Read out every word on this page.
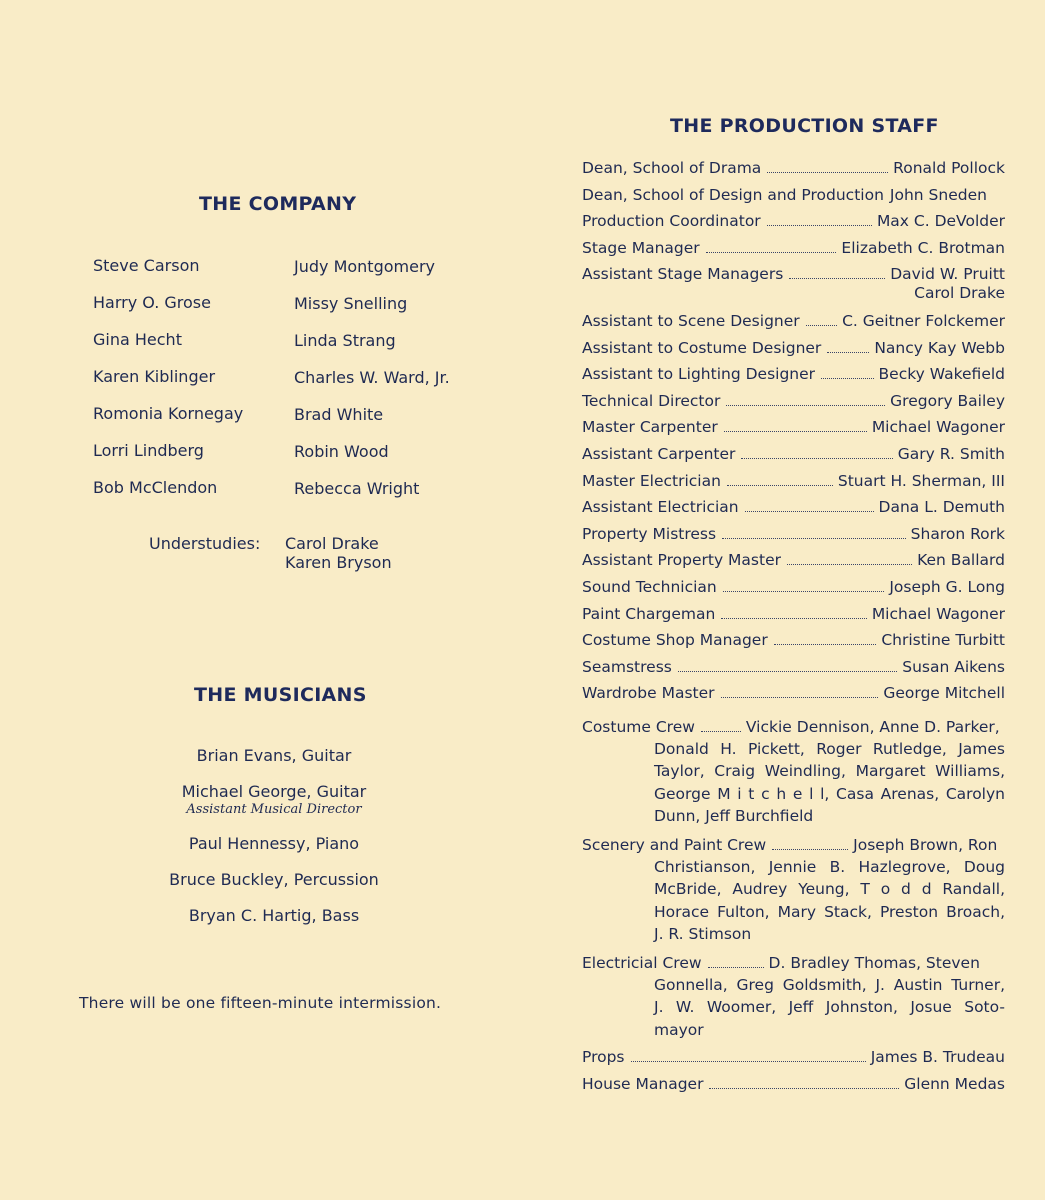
THE COMPANY
Steve Carson
Harry O. Grose
Gina Hecht
Karen Kiblinger
Romonia Kornegay
Lorri Lindberg
Bob McClendon
Judy Montgomery
Missy Snelling
Linda Strang
Charles W. Ward, Jr.
Brad White
Robin Wood
Rebecca Wright
Understudies: Carol Drake
Karen Bryson
THE MUSICIANS
Brian Evans, Guitar
Michael George, Guitar
Assistant Musical Director
Paul Hennessy, Piano
Bruce Buckley, Percussion
Bryan C. Hartig, Bass
There will be one fifteen-minute intermission.
THE PRODUCTION STAFF
Dean, School of Drama	Ronald Pollock
Dean, School of Design and Production John Sneden
Production Coordinator	Max C. DeVolder
Stage Manager	Elizabeth C. Brotman
Assistant Stage Managers	David W. Pruitt
Carol Drake
Assistant to Scene Designer	C. Geitner Folckemer
Assistant to Costume Designer	Nancy Kay Webb
Assistant to Lighting Designer	Becky Wakefield
Technical Director	Gregory Bailey
Master Carpenter	Michael Wagoner
Assistant Carpenter	Gary R. Smith
Master Electrician	Stuart H. Sherman, III
Assistant Electrician	Dana L. Demuth
Property Mistress	Sharon Rork
Assistant Property Master	Ken Ballard
Sound Technician	Joseph G. Long
Paint Chargeman	Michael Wagoner
Costume Shop Manager	Christine Turbitt
Seamstress	Susan Aikens
Wardrobe Master	George Mitchell
Costume Crew	Vickie Dennison, Anne D. Parker,
Donald H. Pickett, Roger Rutledge, James
Taylor, Craig Weindling, Margaret Williams,
George M i t c h e l l, Casa Arenas, Carolyn
Dunn, Jeff Burchfield
Scenery and Paint Crew	Joseph Brown, Ron
Christianson, Jennie B. Hazlegrove, Doug
McBride, Audrey Yeung, T o d d Randall,
Horace Fulton, Mary Stack, Preston Broach,
J. R. Stimson
Electricial Crew	D. Bradley Thomas, Steven
Gonnella, Greg Goldsmith, J. Austin Turner,
J. W. Woomer, Jeff Johnston, Josue Soto-
mayor
Props	James B. Trudeau
House Manager	Glenn Medas
